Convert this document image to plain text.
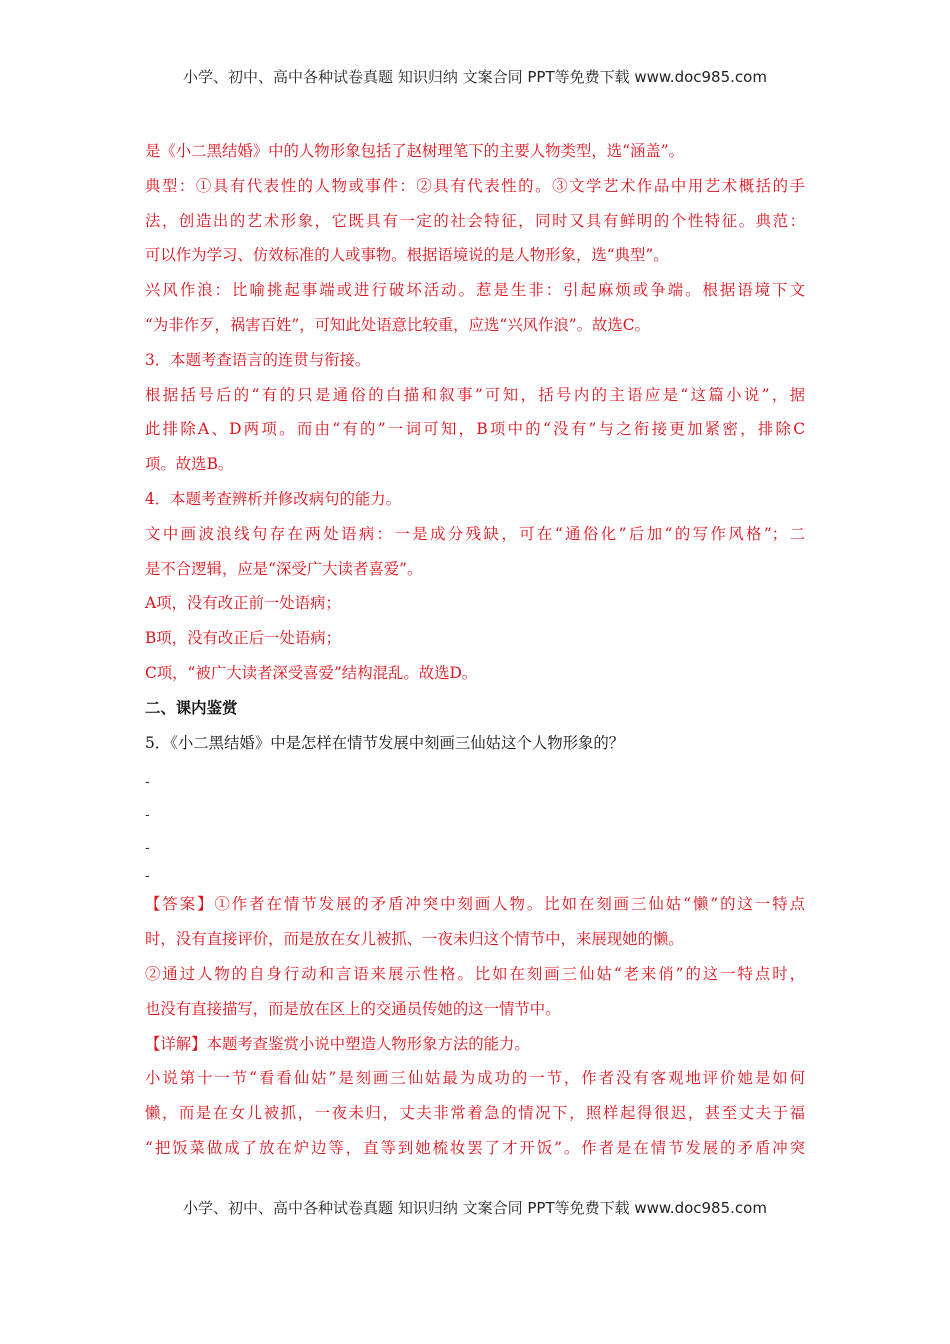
小学、初中、高中各种试卷真题 知识归纳 文案合同 PPT等免费下载 www.doc985.com
是《小二黑结婚》中的人物形象包括了赵树理笔下的主要人物类型，选“涵盖”。
典型：①具有代表性的人物或事件：②具有代表性的。③文学艺术作品中用艺术概括的手
法，创造出的艺术形象，它既具有一定的社会特征，同时又具有鲜明的个性特征。典范：
可以作为学习、仿效标准的人或事物。根据语境说的是人物形象，选“典型”。
兴风作浪：比喻挑起事端或进行破坏活动。惹是生非：引起麻烦或争端。根据语境下文
“为非作歹，祸害百姓”，可知此处语意比较重，应选“兴风作浪”。故选C。
3．本题考查语言的连贯与衔接。
根据括号后的“有的只是通俗的白描和叙事”可知，括号内的主语应是“这篇小说”，据
此排除A、D两项。而由“有的”一词可知，B项中的“没有”与之衔接更加紧密，排除C
项。故选B。
4．本题考查辨析并修改病句的能力。
文中画波浪线句存在两处语病：一是成分残缺，可在“通俗化”后加“的写作风格”；二
是不合逻辑，应是“深受广大读者喜爱”。
A项，没有改正前一处语病；
B项，没有改正后一处语病；
C项，“被广大读者深受喜爱”结构混乱。故选D。
二、课内鉴赏
5．《小二黑结婚》中是怎样在情节发展中刻画三仙姑这个人物形象的？
-
-
-
-
【答案】①作者在情节发展的矛盾冲突中刻画人物。比如在刻画三仙姑“懒”的这一特点
时，没有直接评价，而是放在女儿被抓、一夜未归这个情节中，来展现她的懒。
②通过人物的自身行动和言语来展示性格。比如在刻画三仙姑“老来俏”的这一特点时，
也没有直接描写，而是放在区上的交通员传她的这一情节中。
【详解】本题考查鉴赏小说中塑造人物形象方法的能力。
小说第十一节“看看仙姑”是刻画三仙姑最为成功的一节，作者没有客观地评价她是如何
懒，而是在女儿被抓，一夜未归，丈夫非常着急的情况下，照样起得很迟，甚至丈夫于福
“把饭菜做成了放在炉边等，直等到她梳妆罢了才开饭”。作者是在情节发展的矛盾冲突
小学、初中、高中各种试卷真题 知识归纳 文案合同 PPT等免费下载 www.doc985.com
